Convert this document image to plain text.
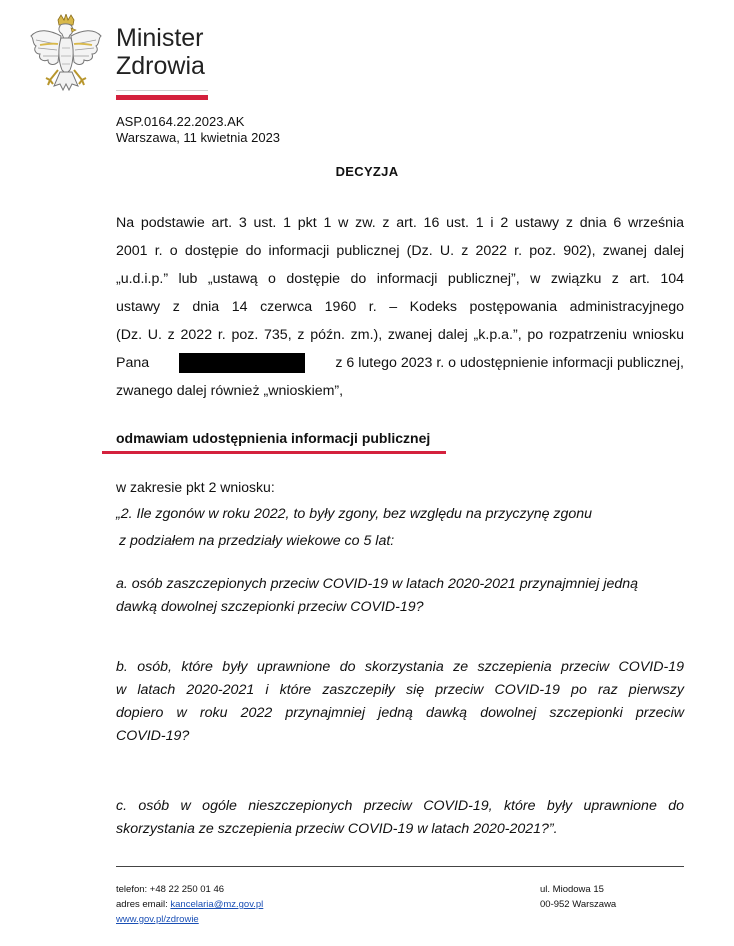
Minister
Zdrowia
ASP.0164.22.2023.AK
Warszawa, 11 kwietnia 2023
DECYZJA
Na podstawie art. 3 ust. 1 pkt 1 w zw. z art. 16 ust. 1 i 2 ustawy z dnia 6 września
2001 r. o dostępie do informacji publicznej (Dz. U. z 2022 r. poz. 902), zwanej dalej
„u.d.i.p.” lub „ustawą o dostępie do informacji publicznej”, w związku z art. 104
ustawy z dnia 14 czerwca 1960 r. – Kodeks postępowania administracyjnego
(Dz. U. z 2022 r. poz. 735, z późn. zm.), zwanej dalej „k.p.a.”, po rozpatrzeniu wniosku
Pana	z 6 lutego 2023 r. o udostępnienie informacji publicznej,
zwanego dalej również „wnioskiem”,
odmawiam udostępnienia informacji publicznej
w zakresie pkt 2 wniosku:
„2. Ile zgonów w roku 2022, to były zgony, bez względu na przyczynę zgonu
z podziałem na przedziały wiekowe co 5 lat:
a. osób zaszczepionych przeciw COVID-19 w latach 2020-2021 przynajmniej jedną
dawką dowolnej szczepionki przeciw COVID-19?
b. osób, które były uprawnione do skorzystania ze szczepienia przeciw COVID-19
w latach 2020-2021 i które zaszczepiły się przeciw COVID-19 po raz pierwszy
dopiero w roku 2022 przynajmniej jedną dawką dowolnej szczepionki przeciw
COVID-19?
c. osób w ogóle nieszczepionych przeciw COVID-19, które były uprawnione do
skorzystania ze szczepienia przeciw COVID-19 w latach 2020-2021?”.
telefon: +48 22 250 01 46
adres email: kancelaria@mz.gov.pl
www.gov.pl/zdrowie
ul. Miodowa 15
00-952 Warszawa
